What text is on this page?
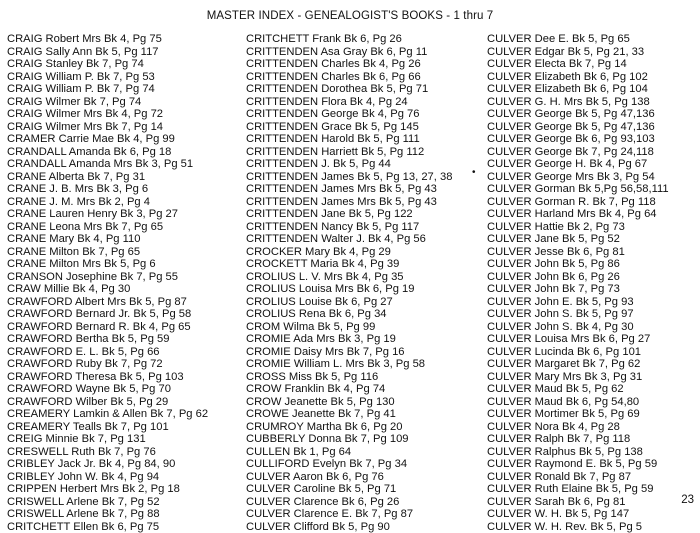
MASTER INDEX - GENEALOGIST'S BOOKS - 1 thru 7
CRAIG Robert Mrs Bk 4, Pg 75
CRAIG Sally Ann Bk 5, Pg 117
CRAIG Stanley Bk 7, Pg 74
CRAIG William P. Bk 7, Pg 53
CRAIG William P. Bk 7, Pg 74
CRAIG Wilmer Bk 7, Pg 74
CRAIG Wilmer Mrs Bk 4, Pg 72
CRAIG Wilmer Mrs Bk 7, Pg 14
CRAMER Carrie Mae Bk 4, Pg 99
CRANDALL Amanda Bk 6, Pg 18
CRANDALL Amanda Mrs Bk 3, Pg 51
CRANE Alberta Bk 7, Pg 31
CRANE J. B. Mrs Bk 3, Pg 6
CRANE J. M. Mrs Bk 2, Pg 4
CRANE Lauren Henry Bk 3, Pg 27
CRANE Leona Mrs Bk 7, Pg 65
CRANE Mary Bk 4, Pg 110
CRANE Milton Bk 7, Pg 65
CRANE Milton Mrs Bk 5, Pg 6
CRANSON Josephine Bk 7, Pg 55
CRAW Millie Bk 4, Pg 30
CRAWFORD Albert Mrs Bk 5, Pg 87
CRAWFORD Bernard Jr. Bk 5, Pg 58
CRAWFORD Bernard R. Bk 4, Pg 65
CRAWFORD Bertha Bk 5, Pg 59
CRAWFORD E. L. Bk 5, Pg 66
CRAWFORD Ruby Bk 7, Pg 72
CRAWFORD Theresa Bk 5, Pg 103
CRAWFORD Wayne Bk 5, Pg 70
CRAWFORD Wilber Bk 5, Pg 29
CREAMERY Lamkin & Allen Bk 7, Pg 62
CREAMERY Tealls Bk 7, Pg 101
CREIG Minnie Bk 7, Pg 131
CRESWELL Ruth Bk 7, Pg 76
CRIBLEY Jack Jr. Bk 4, Pg 84, 90
CRIBLEY John W. Bk 4, Pg 94
CRIPPEN Herbert Mrs Bk 2, Pg 18
CRISWELL Arlene Bk 7, Pg 52
CRISWELL Arlene Bk 7, Pg 88
CRITCHETT Ellen Bk 6, Pg 75
CRITCHETT Frank Bk 6, Pg 26
CRITTENDEN Asa Gray Bk 6, Pg 11
CRITTENDEN Charles Bk 4, Pg 26
CRITTENDEN Charles Bk 6, Pg 66
CRITTENDEN Dorothea Bk 5, Pg 71
CRITTENDEN Flora Bk 4, Pg 24
CRITTENDEN George Bk 4, Pg 76
CRITTENDEN Grace Bk 5, Pg 145
CRITTENDEN Harold Bk 5, Pg 111
CRITTENDEN Harriett Bk 5, Pg 112
CRITTENDEN J. Bk 5, Pg 44
CRITTENDEN James Bk 5, Pg 13, 27, 38
CRITTENDEN James Mrs Bk 5, Pg 43
CRITTENDEN James Mrs Bk 5, Pg 43
CRITTENDEN Jane Bk 5, Pg 122
CRITTENDEN Nancy Bk 5, Pg 117
CRITTENDEN Walter J. Bk 4, Pg 56
CROCKER Mary Bk 4, Pg 29
CROCKETT Maria Bk 4, Pg 39
CROLIUS L. V. Mrs Bk 4, Pg 35
CROLIUS Louisa Mrs Bk 6, Pg 19
CROLIUS Louise Bk 6, Pg 27
CROLIUS Rena Bk 6, Pg 34
CROM Wilma Bk 5, Pg 99
CROMIE Ada Mrs Bk 3, Pg 19
CROMIE Daisy Mrs Bk 7, Pg 16
CROMIE William L. Mrs Bk 3, Pg 58
CROSS Miss Bk 5, Pg 116
CROW Franklin Bk 4, Pg 74
CROW Jeanette Bk 5, Pg 130
CROWE Jeanette Bk 7, Pg 41
CRUMROY Martha Bk 6, Pg 20
CUBBERLY Donna Bk 7, Pg 109
CULLEN Bk 1, Pg 64
CULLIFORD Evelyn Bk 7, Pg 34
CULVER Aaron Bk 6, Pg 76
CULVER Caroline Bk 5, Pg 71
CULVER Clarence Bk 6, Pg 26
CULVER Clarence E. Bk 7, Pg 87
CULVER Clifford Bk 5, Pg 90
CULVER Dee E. Bk 5, Pg 65
CULVER Edgar Bk 5, Pg 21, 33
CULVER Electa Bk 7, Pg 14
CULVER Elizabeth Bk 6, Pg 102
CULVER Elizabeth Bk 6, Pg 104
CULVER G. H. Mrs Bk 5, Pg 138
CULVER George Bk 5, Pg 47,136
CULVER George Bk 5, Pg 47,136
CULVER George Bk 6, Pg 93,103
CULVER George Bk 7, Pg 24,118
CULVER George H. Bk 4, Pg 67
CULVER George Mrs Bk 3, Pg 54
CULVER Gorman Bk 5,Pg 56,58,111
CULVER Gorman R. Bk 7, Pg 118
CULVER Harland Mrs Bk 4, Pg 64
CULVER Hattie Bk 2, Pg 73
CULVER Jane Bk 5, Pg 52
CULVER Jesse Bk 6, Pg 81
CULVER John Bk 5, Pg 86
CULVER John Bk 6, Pg 26
CULVER John Bk 7, Pg 73
CULVER John E. Bk 5, Pg 93
CULVER John S. Bk 5, Pg 97
CULVER John S. Bk 4, Pg 30
CULVER Louisa Mrs Bk 6, Pg 27
CULVER Lucinda Bk 6, Pg 101
CULVER Margaret Bk 7, Pg 62
CULVER Mary Mrs Bk 3, Pg 31
CULVER Maud Bk 5, Pg 62
CULVER Maud Bk 6, Pg 54,80
CULVER Mortimer Bk 5, Pg 69
CULVER Nora Bk 4, Pg 28
CULVER Ralph Bk 7, Pg 118
CULVER Ralphus Bk 5, Pg 138
CULVER Raymond E. Bk 5, Pg 59
CULVER Ronald Bk 7, Pg 87
CULVER Ruth Elaine Bk 5, Pg 59
CULVER Sarah Bk 6, Pg 81
CULVER W. H. Bk 5, Pg 147
CULVER W. H. Rev. Bk 5, Pg 5
•
23
